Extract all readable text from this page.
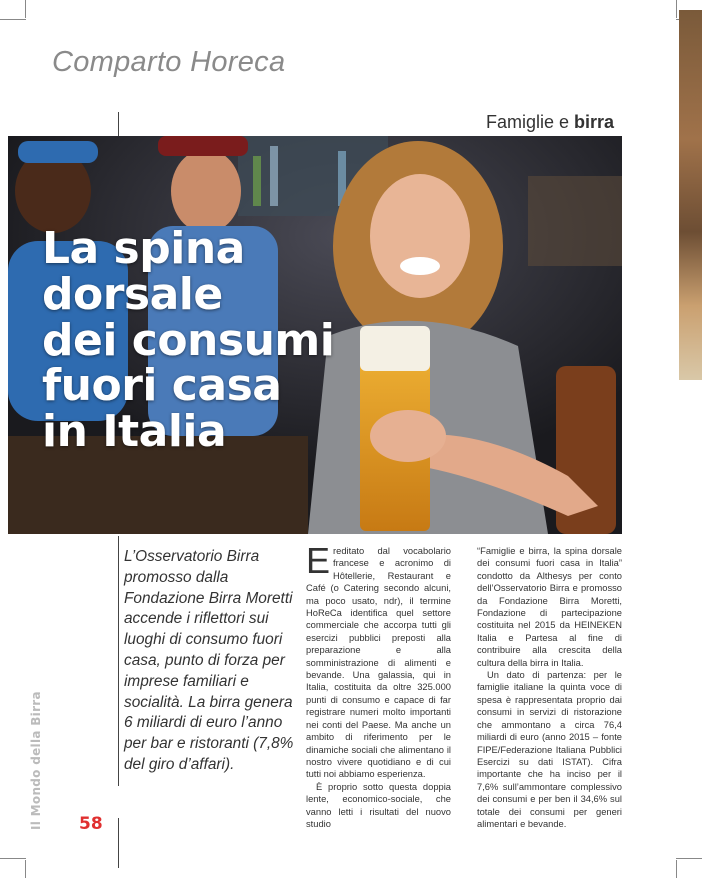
Comparto Horeca
Famiglie e birra
La spina
dorsale
dei consumi
fuori casa
in Italia
L’Osservatorio Birra promosso dalla Fondazione Birra Moretti accende i riflettori sui luoghi di consumo fuori casa, punto di forza per imprese familiari e socialità. La birra genera 6 miliardi di euro l’anno per bar e ristoranti (7,8% del giro d’affari).

Ereditato dal vocabolario francese e acronimo di Hôtellerie, Restaurant e Café (o Catering secondo alcuni, ma poco usato, ndr), il termine HoReCa identifica quel settore commerciale che accorpa tutti gli esercizi pubblici preposti alla preparazione e alla somministrazione di alimenti e bevande. Una galassia, qui in Italia, costituita da oltre 325.000 punti di consumo e capace di far registrare numeri molto importanti nei conti del Paese. Ma anche un ambito di riferimento per le dinamiche sociali che alimentano il nostro vivere quotidiano e di cui tutti noi abbiamo esperienza.

È proprio sotto questa doppia lente, economico-sociale, che vanno letti i risultati del nuovo studio

“Famiglie e birra, la spina dorsale dei consumi fuori casa in Italia” condotto da Althesys per conto dell’Osservatorio Birra e promosso da Fondazione Birra Moretti, Fondazione di partecipazione costituita nel 2015 da HEINEKEN Italia e Partesa al fine di contribuire alla crescita della cultura della birra in Italia.

Un dato di partenza: per le famiglie italiane la quinta voce di spesa è rappresentata proprio dai consumi in servizi di ristorazione che ammontano a circa 76,4 miliardi di euro (anno 2015 – fonte FIPE/Federazione Italiana Pubblici Esercizi su dati ISTAT). Cifra importante che ha inciso per il 7,6% sull’ammontare complessivo dei consumi e per ben il 34,6% sul totale dei consumi per generi alimentari e bevande.

Il Mondo della Birra 58
